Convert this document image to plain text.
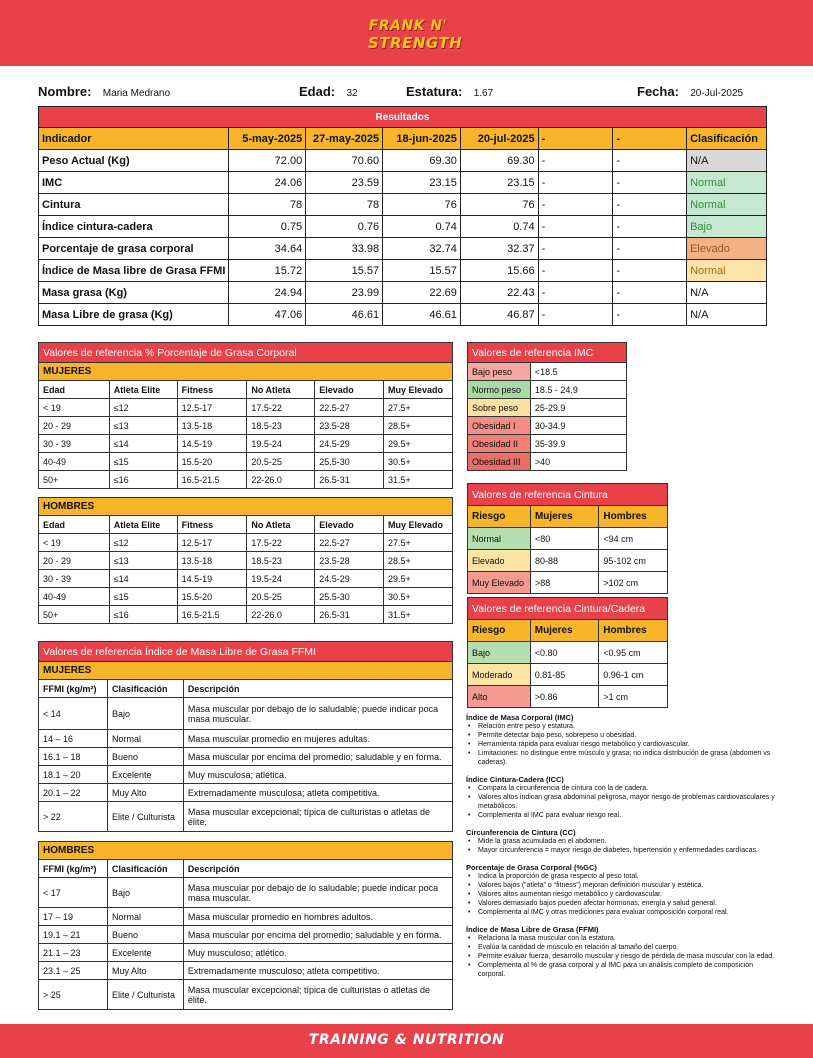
FRANK N'
STRENGTH
Nombre: Maria Medrano	Edad: 32	Estatura: 1.67	Fecha: 20-Jul-2025
Resultados							
Indicador	5-may-2025	27-may-2025	18-jun-2025	20-jul-2025	-	-	Clasificación
Peso Actual (Kg)	72.00	70.60	69.30	69.30	-	-	N/A
IMC	24.06	23.59	23.15	23.15	-	-	Normal
Cintura	78	78	76	76	-	-	Normal
Índice cintura-cadera	0.75	0.76	0.74	0.74	-	-	Bajo
Porcentaje de grasa corporal	34.64	33.98	32.74	32.37	-	-	Elevado
Índice de Masa libre de Grasa FFMI	15.72	15.57	15.57	15.66	-	-	Normal
Masa grasa (Kg)	24.94	23.99	22.69	22.43	-	-	N/A
Masa Libre de grasa (Kg)	47.06	46.61	46.61	46.87	-	-	N/A
Valores de referencia % Porcentaje de Grasa Corporal					
MUJERES					
Edad	Atleta Elite	Fitness	No Atleta	Elevado	Muy Elevado
< 19	≤12	12.5-17	17.5-22	22.5-27	27.5+
20 - 29	≤13	13.5-18	18.5-23	23.5-28	28.5+
30 - 39	≤14	14.5-19	19.5-24	24.5-29	29.5+
40-49	≤15	15.5-20	20.5-25	25.5-30	30.5+
50+	≤16	16.5-21.5	22-26.0	26.5-31	31.5+
HOMBRES					
Edad	Atleta Elite	Fitness	No Atleta	Elevado	Muy Elevado
< 19	≤12	12.5-17	17.5-22	22.5-27	27.5+
20 - 29	≤13	13.5-18	18.5-23	23.5-28	28.5+
30 - 39	≤14	14.5-19	19.5-24	24.5-29	29.5+
40-49	≤15	15.5-20	20.5-25	25.5-30	30.5+
50+	≤16	16.5-21.5	22-26.0	26.5-31	31.5+
Valores de referencia IMC	
Bajo peso	<18.5
Normo peso	18.5 - 24.9
Sobre peso	25-29.9
Obesidad I	30-34.9
Obesidad II	35-39.9
Obesidad III	>40
Valores de referencia Cintura		
Riesgo	Mujeres	Hombres
Normal	<80	<94 cm
Elevado	80-88	95-102 cm
Muy Elevado	>88	>102 cm
Valores de referencia Cintura/Cadera		
Riesgo	Mujeres	Hombres
Bajo	<0.80	<0.95 cm
Moderado	0.81-85	0.96-1 cm
Alto	>0.86	>1 cm
Valores de referencia Índice de Masa Libre de Grasa FFMI		
MUJERES		
FFMI (kg/m²)	Clasificación	Descripción
< 14	Bajo	Masa muscular por debajo de lo saludable; puede indicar poca masa muscular.
14 – 16	Normal	Masa muscular promedio en mujeres adultas.
16.1 – 18	Bueno	Masa muscular por encima del promedio; saludable y en forma.
18.1 – 20	Excelente	Muy musculosa; atlética.
20.1 – 22	Muy Alto	Extremadamente musculosa; atleta competitiva.
> 22	Elite / Culturista	Masa muscular excepcional; típica de culturistas o atletas de élite.
HOMBRES		
FFMI (kg/m²)	Clasificación	Descripción
< 17	Bajo	Masa muscular por debajo de lo saludable; puede indicar poca masa muscular.
17 – 19	Normal	Masa muscular promedio en hombres adultos.
19.1 – 21	Bueno	Masa muscular por encima del promedio; saludable y en forma.
21.1 – 23	Excelente	Muy musculoso; atlético.
23.1 – 25	Muy Alto	Extremadamente musculoso; atleta competitivo.
> 25	Elite / Culturista	Masa muscular excepcional; típica de culturistas o atletas de élite.
Índice de Masa Corporal (IMC)
• Relación entre peso y estatura.
• Permite detectar bajo peso, sobrepeso u obesidad.
• Herramienta rápida para evaluar riesgo metabólico y cardiovascular.
• Limitaciones: no distingue entre músculo y grasa; no indica distribución de grasa (abdomen vs caderas).
Índice Cintura-Cadera (ICC)
• Compara la circunferencia de cintura con la de cadera.
• Valores altos indican grasa abdominal peligrosa, mayor riesgo de problemas cardiovasculares y metabólicos.
• Complementa al IMC para evaluar riesgo real.
Circunferencia de Cintura (CC)
• Mide la grasa acumulada en el abdomen.
• Mayor circunferencia = mayor riesgo de diabetes, hipertensión y enfermedades cardíacas.
Porcentaje de Grasa Corporal (%GC)
• Indica la proporción de grasa respecto al peso total.
• Valores bajos (“atleta” o “fitness”) mejoran definición muscular y estética.
• Valores altos aumentan riesgo metabólico y cardiovascular.
• Valores demasiado bajos pueden afectar hormonas, energía y salud general.
• Complementa al IMC y otras mediciones para evaluar composición corporal real.
Índice de Masa Libre de Grasa (FFMI)
• Relaciona la masa muscular con la estatura.
• Evalúa la cantidad de músculo en relación al tamaño del cuerpo.
• Permite evaluar fuerza, desarrollo muscular y riesgo de pérdida de masa muscular con la edad.
• Complementa al % de grasa corporal y al IMC para un análisis completo de composición corporal.
TRAINING & NUTRITION
